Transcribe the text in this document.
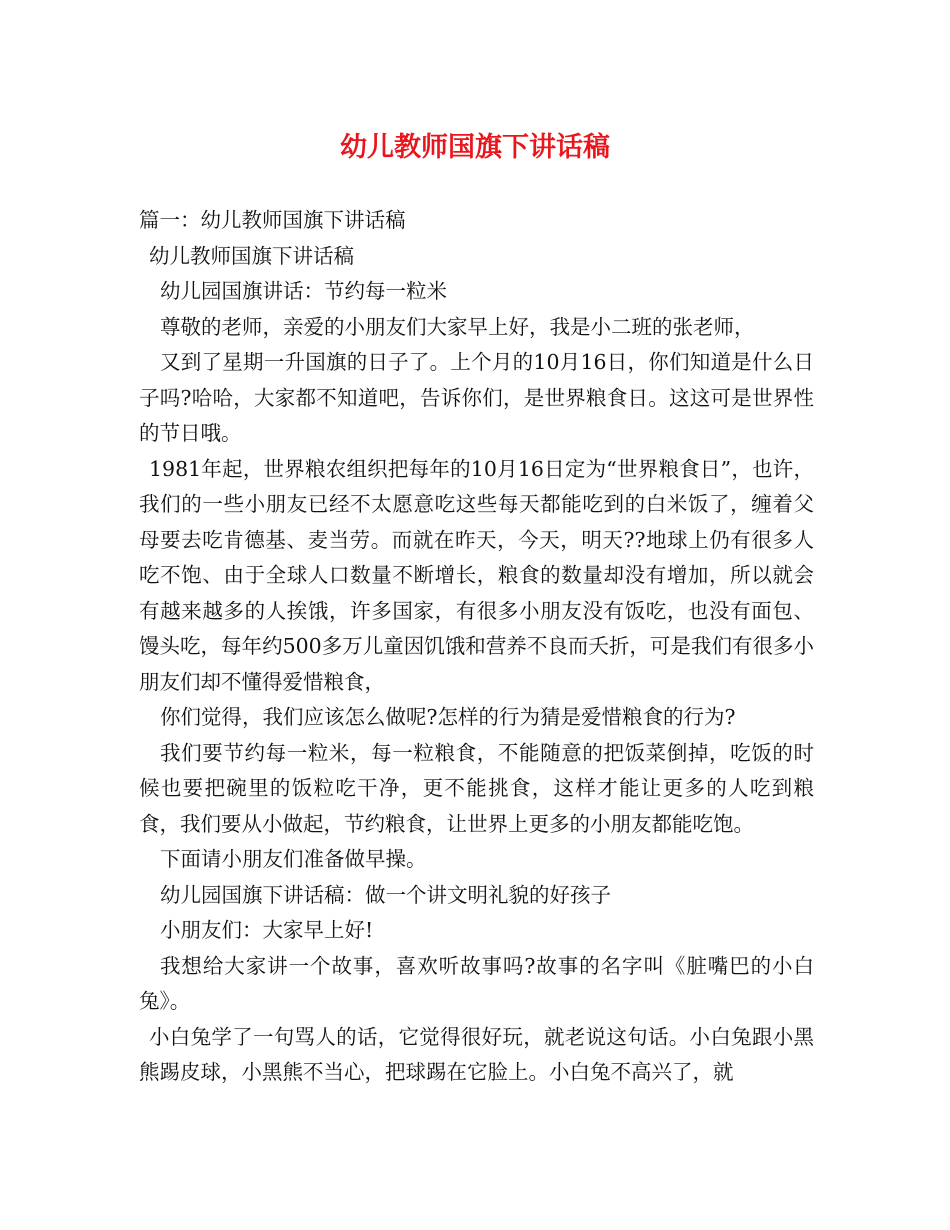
幼儿教师国旗下讲话稿

篇一：幼儿教师国旗下讲话稿

幼儿教师国旗下讲话稿

幼儿园国旗讲话：节约每一粒米

尊敬的老师，亲爱的小朋友们大家早上好，我是小二班的张老师，

又到了星期一升国旗的日子了。上个月的10月16日，你们知道是什么日子吗?哈哈，大家都不知道吧，告诉你们，是世界粮食日。这这可是世界性的节日哦。

1981年起，世界粮农组织把每年的10月16日定为“世界粮食日”，也许，我们的一些小朋友已经不太愿意吃这些每天都能吃到的白米饭了，缠着父母要去吃肯德基、麦当劳。而就在昨天，今天，明天??地球上仍有很多人吃不饱、由于全球人口数量不断增长，粮食的数量却没有增加，所以就会有越来越多的人挨饿，许多国家，有很多小朋友没有饭吃，也没有面包、馒头吃，每年约500多万儿童因饥饿和营养不良而夭折，可是我们有很多小朋友们却不懂得爱惜粮食，

你们觉得，我们应该怎么做呢?怎样的行为猜是爱惜粮食的行为?

我们要节约每一粒米，每一粒粮食，不能随意的把饭菜倒掉，吃饭的时候也要把碗里的饭粒吃干净，更不能挑食，这样才能让更多的人吃到粮食，我们要从小做起，节约粮食，让世界上更多的小朋友都能吃饱。

下面请小朋友们准备做早操。

幼儿园国旗下讲话稿：做一个讲文明礼貌的好孩子

小朋友们：大家早上好!

我想给大家讲一个故事，喜欢听故事吗?故事的名字叫《脏嘴巴的小白兔》。

小白兔学了一句骂人的话，它觉得很好玩，就老说这句话。小白兔跟小黑熊踢皮球，小黑熊不当心，把球踢在它脸上。小白兔不高兴了，就
